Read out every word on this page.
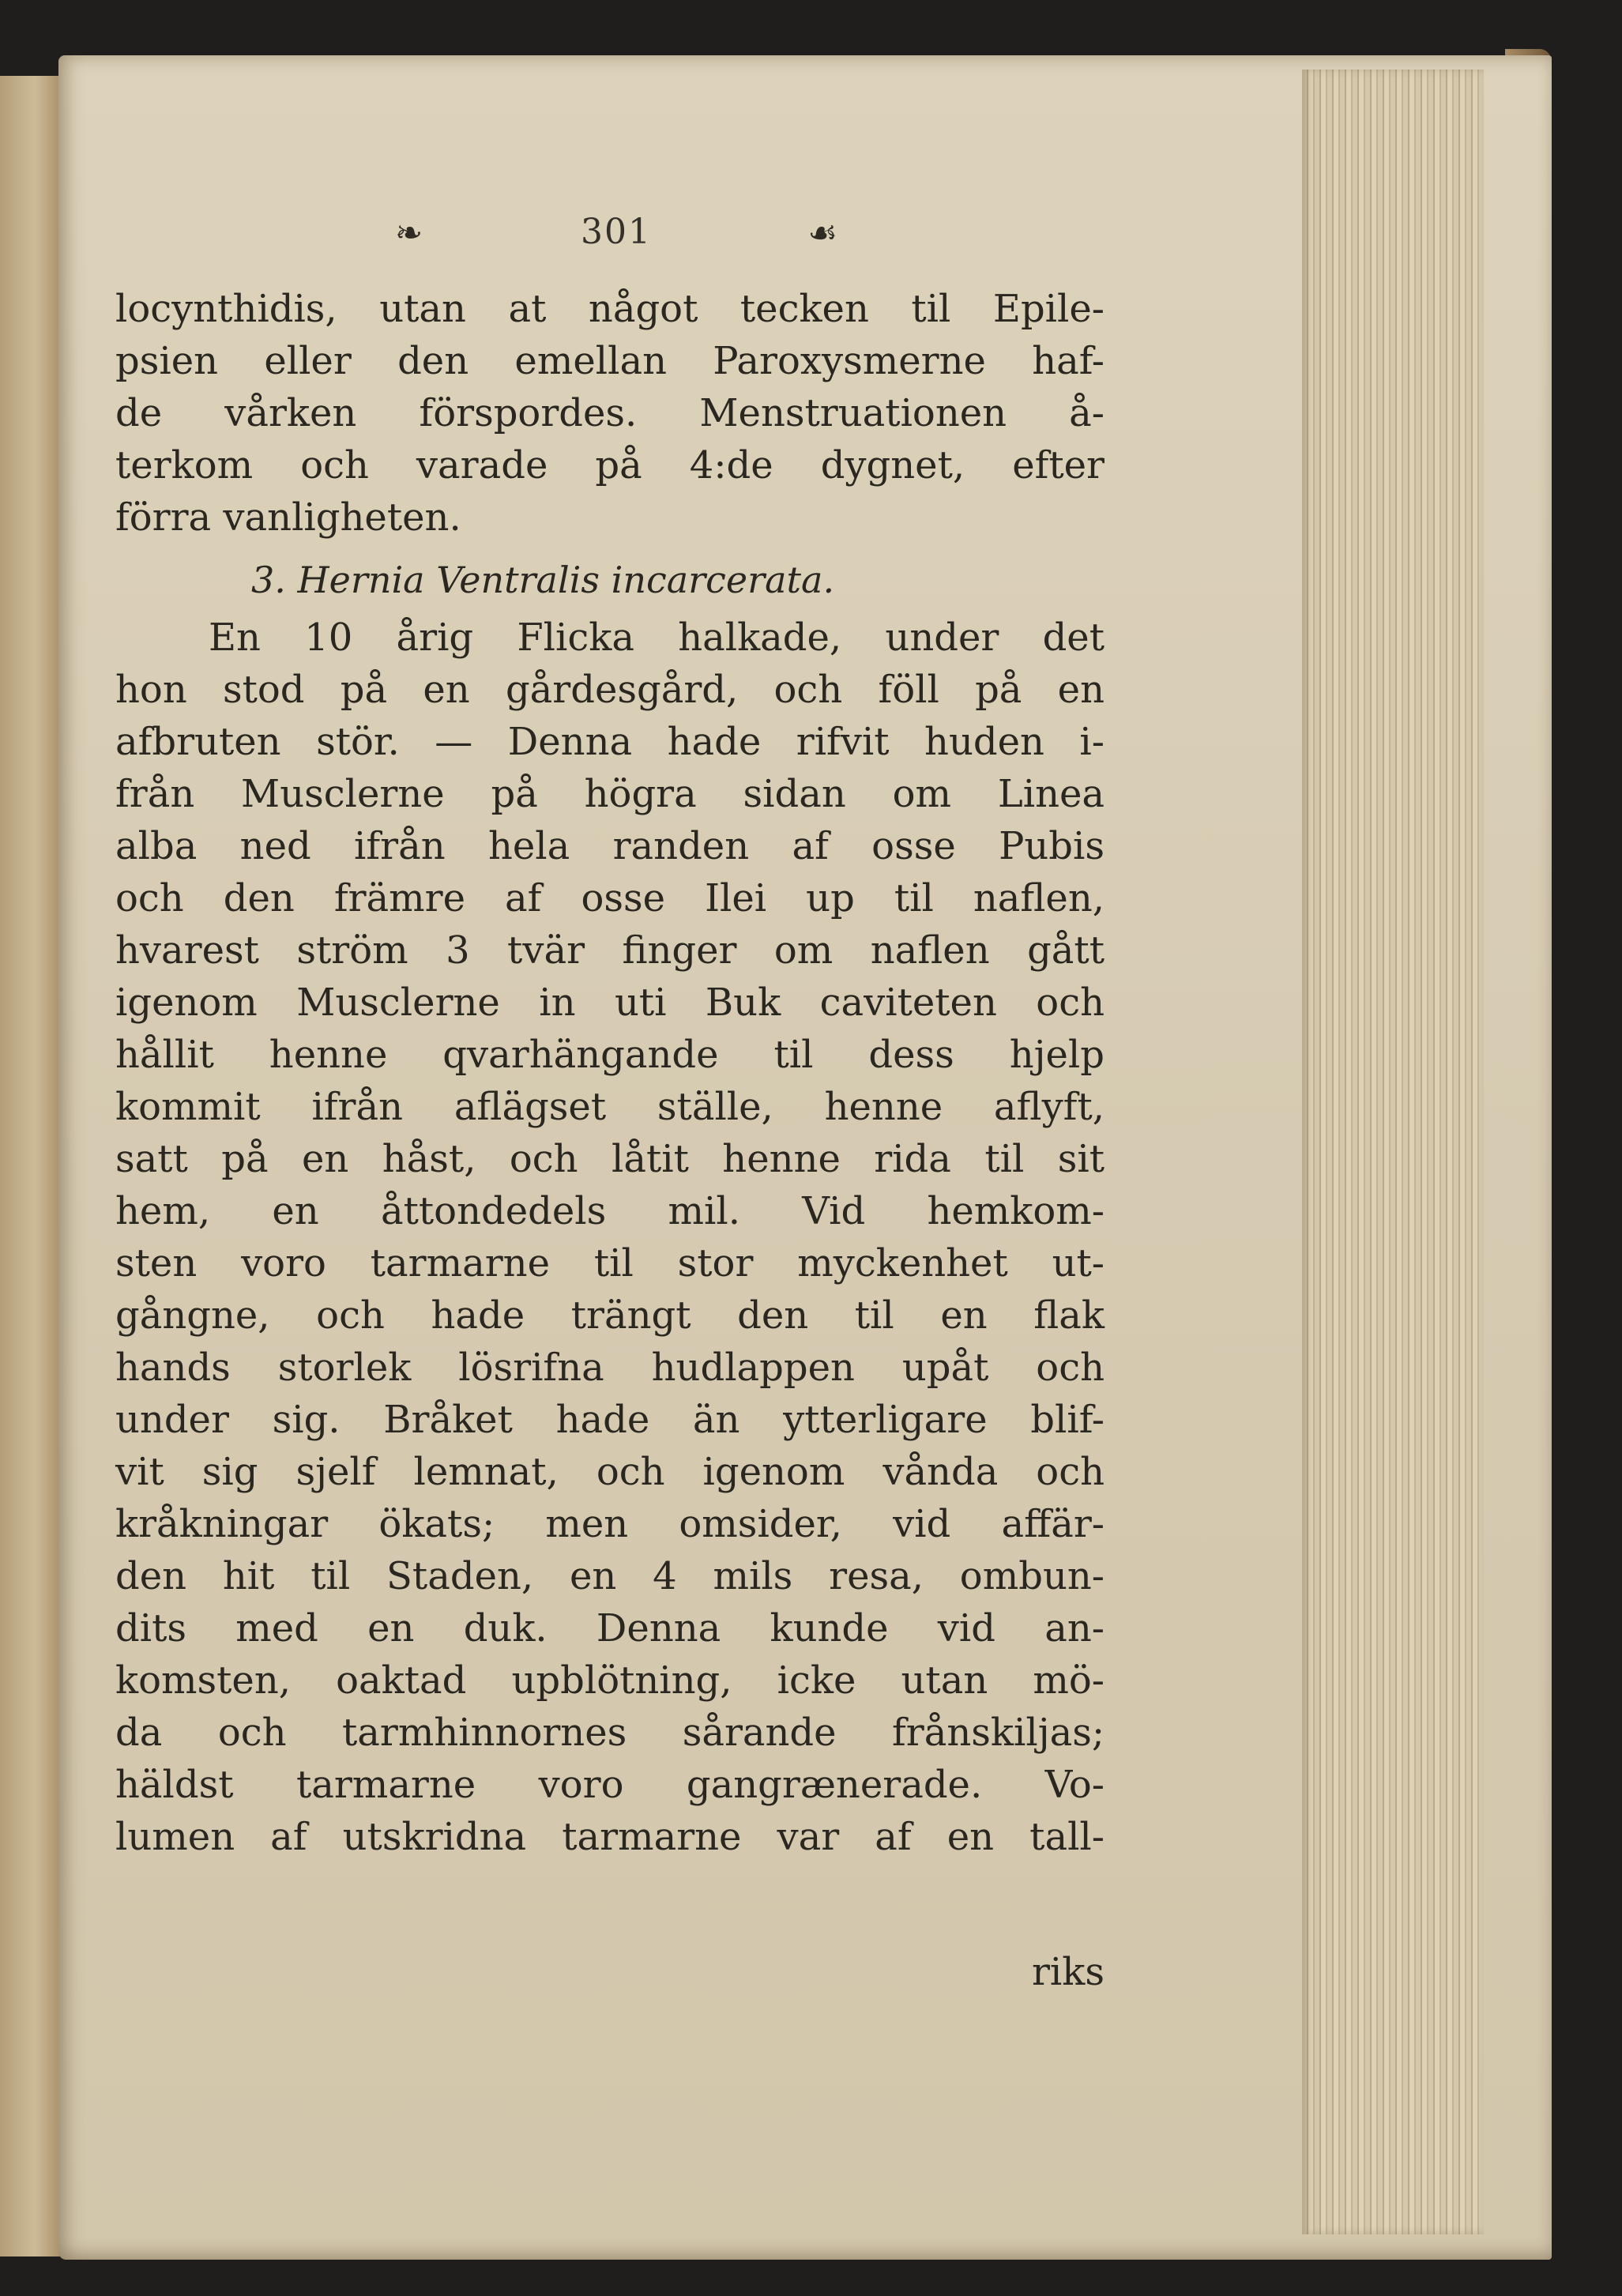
❧	301	☙
locynthidis, utan at något tecken til Epile-
psien eller den emellan Paroxysmerne haf-
de vårken förspordes. Menstruationen å-
terkom och varade på 4:de dygnet, efter
förra vanligheten.
3. Hernia Ventralis incarcerata.
En 10 årig Flicka halkade, under det
hon stod på en gårdesgård, och föll på en
afbruten stör. — Denna hade rifvit huden i-
från Musclerne på högra sidan om Linea
alba ned ifrån hela randen af osse Pubis
och den främre af osse Ilei up til naflen,
hvarest ström 3 tvär finger om naflen gått
igenom Musclerne in uti Buk caviteten och
hållit henne qvarhängande til dess hjelp
kommit ifrån aflägset ställe, henne aflyft,
satt på en håst, och låtit henne rida til sit
hem, en åttondedels mil. Vid hemkom-
sten voro tarmarne til stor myckenhet ut-
gångne, och hade trängt den til en flak
hands storlek lösrifna hudlappen upåt och
under sig. Bråket hade än ytterligare blif-
vit sig sjelf lemnat, och igenom vånda och
kråkningar ökats; men omsider, vid affär-
den hit til Staden, en 4 mils resa, ombun-
dits med en duk. Denna kunde vid an-
komsten, oaktad upblötning, icke utan mö-
da och tarmhinnornes sårande frånskiljas;
häldst tarmarne voro gangrænerade. Vo-
lumen af utskridna tarmarne var af en tall-
riks
